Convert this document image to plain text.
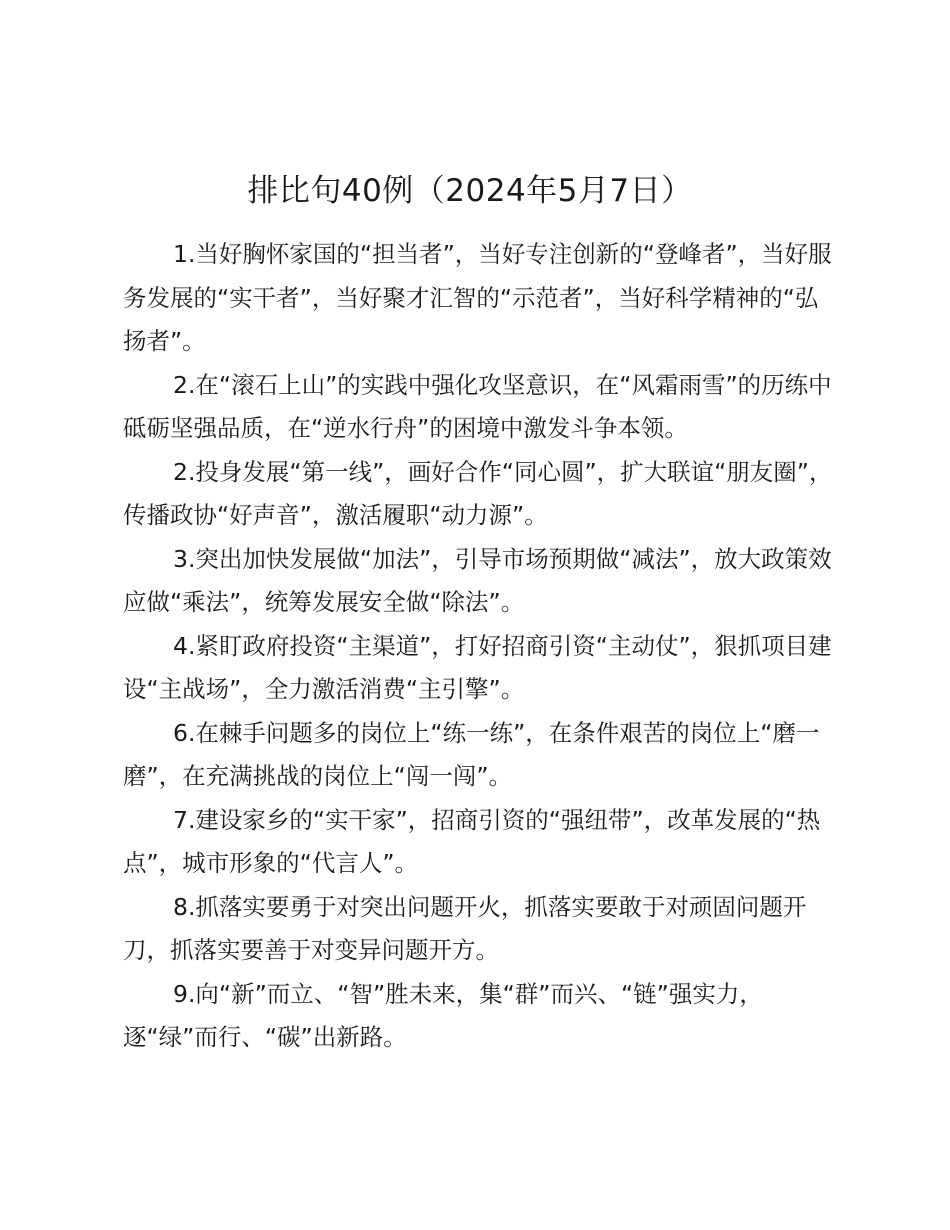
排比句40例（2024年5月7日）

1.当好胸怀家国的“担当者”，当好专注创新的“登峰者”，当好服务发展的“实干者”，当好聚才汇智的“示范者”，当好科学精神的“弘扬者”。

2.在“滚石上山”的实践中强化攻坚意识，在“风霜雨雪”的历练中砥砺坚强品质，在“逆水行舟”的困境中激发斗争本领。

2.投身发展“第一线”，画好合作“同心圆”，扩大联谊“朋友圈”，传播政协“好声音”，激活履职“动力源”。

3.突出加快发展做“加法”，引导市场预期做“减法”，放大政策效应做“乘法”，统筹发展安全做“除法”。

4.紧盯政府投资“主渠道”，打好招商引资“主动仗”，狠抓项目建设“主战场”，全力激活消费“主引擎”。

6.在棘手问题多的岗位上“练一练”，在条件艰苦的岗位上“磨一磨”，在充满挑战的岗位上“闯一闯”。

7.建设家乡的“实干家”，招商引资的“强纽带”，改革发展的“热点”，城市形象的“代言人”。

8.抓落实要勇于对突出问题开火，抓落实要敢于对顽固问题开刀，抓落实要善于对变异问题开方。

9.向“新”而立、“智”胜未来，集“群”而兴、“链”强实力，逐“绿”而行、“碳”出新路。
